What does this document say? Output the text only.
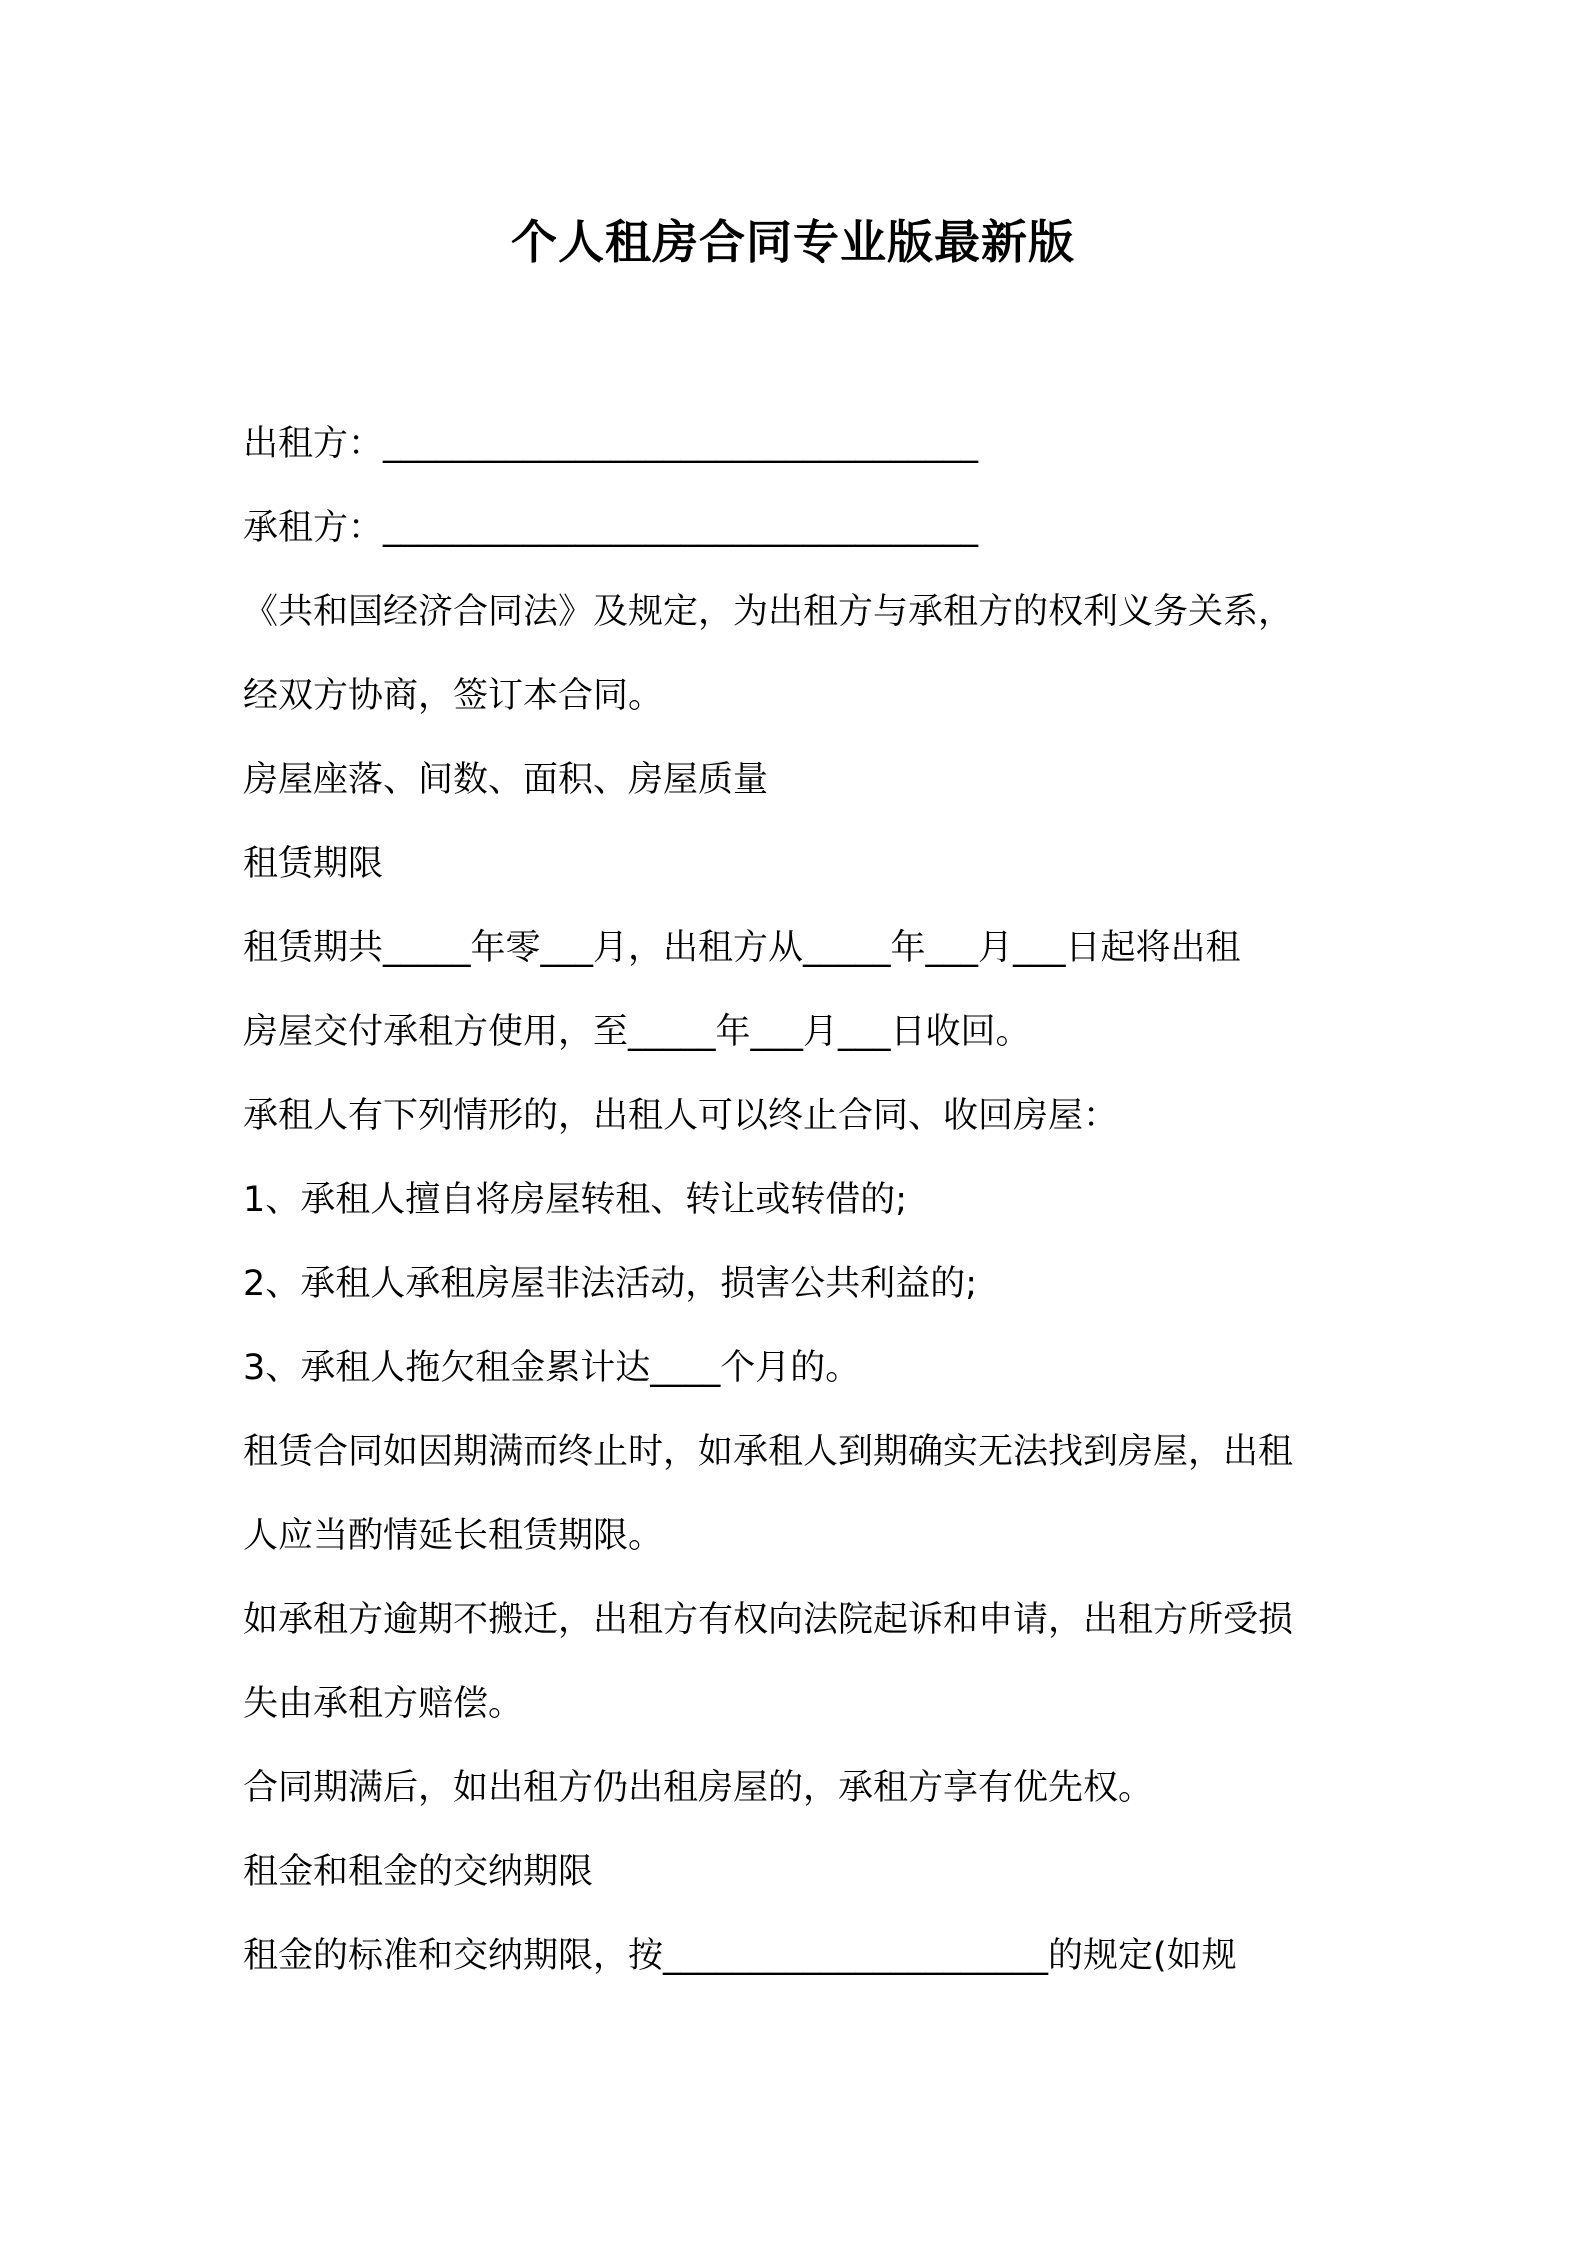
个人租房合同专业版最新版
出租方：__________________________________
承租方：__________________________________
《共和国经济合同法》及规定，为出租方与承租方的权利义务关系，
经双方协商，签订本合同。
房屋座落、间数、面积、房屋质量
租赁期限
租赁期共_____年零___月，出租方从_____年___月___日起将出租
房屋交付承租方使用，至_____年___月___日收回。
承租人有下列情形的，出租人可以终止合同、收回房屋：
1、承租人擅自将房屋转租、转让或转借的;
2、承租人承租房屋非法活动，损害公共利益的;
3、承租人拖欠租金累计达____个月的。
租赁合同如因期满而终止时，如承租人到期确实无法找到房屋，出租
人应当酌情延长租赁期限。
如承租方逾期不搬迁，出租方有权向法院起诉和申请，出租方所受损
失由承租方赔偿。
合同期满后，如出租方仍出租房屋的，承租方享有优先权。
租金和租金的交纳期限
租金的标准和交纳期限，按______________________的规定(如规
